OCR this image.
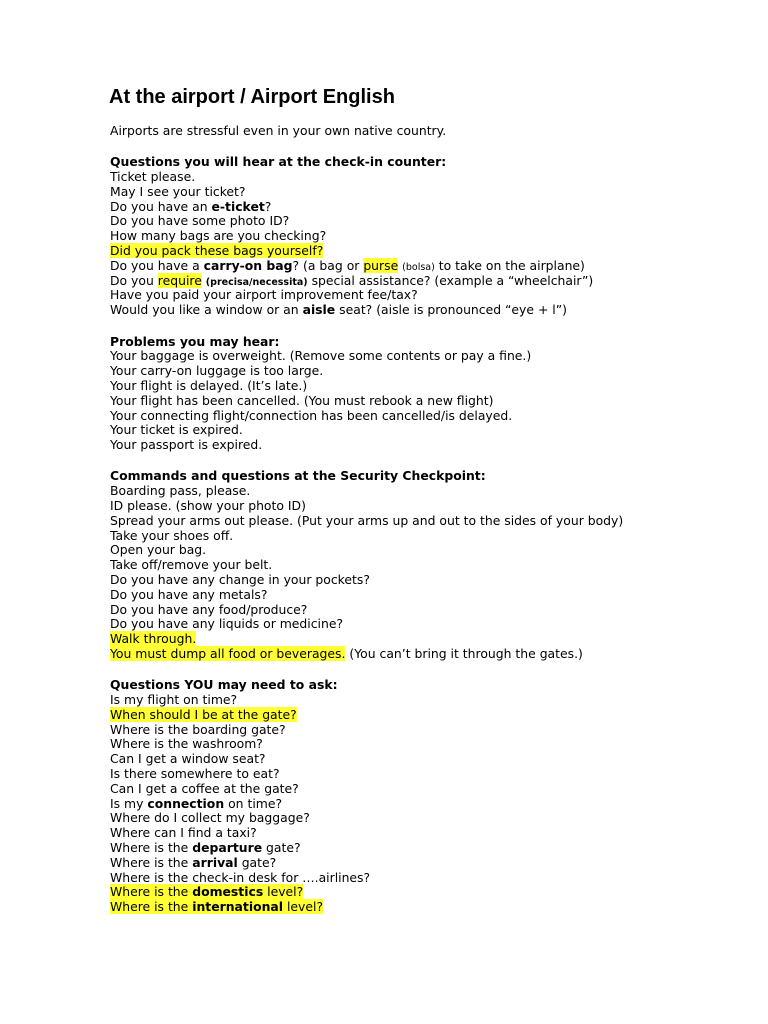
At the airport / Airport English
Airports are stressful even in your own native country.
Questions you will hear at the check-in counter:
Ticket please.
May I see your ticket?
Do you have an e-ticket?
Do you have some photo ID?
How many bags are you checking?
Did you pack these bags yourself?
Do you have a carry-on bag? (a bag or purse (bolsa) to take on the airplane)
Do you require (precisa/necessita) special assistance? (example a “wheelchair”)
Have you paid your airport improvement fee/tax?
Would you like a window or an aisle seat? (aisle is pronounced “eye + l”)
Problems you may hear:
Your baggage is overweight. (Remove some contents or pay a fine.)
Your carry-on luggage is too large.
Your flight is delayed. (It’s late.)
Your flight has been cancelled. (You must rebook a new flight)
Your connecting flight/connection has been cancelled/is delayed.
Your ticket is expired.
Your passport is expired.
Commands and questions at the Security Checkpoint:
Boarding pass, please.
ID please. (show your photo ID)
Spread your arms out please. (Put your arms up and out to the sides of your body)
Take your shoes off.
Open your bag.
Take off/remove your belt.
Do you have any change in your pockets?
Do you have any metals?
Do you have any food/produce?
Do you have any liquids or medicine?
Walk through.
You must dump all food or beverages. (You can’t bring it through the gates.)
Questions YOU may need to ask:
Is my flight on time?
When should I be at the gate?
Where is the boarding gate?
Where is the washroom?
Can I get a window seat?
Is there somewhere to eat?
Can I get a coffee at the gate?
Is my connection on time?
Where do I collect my baggage?
Where can I find a taxi?
Where is the departure gate?
Where is the arrival gate?
Where is the check-in desk for ….airlines?
Where is the domestics level?
Where is the international level?
